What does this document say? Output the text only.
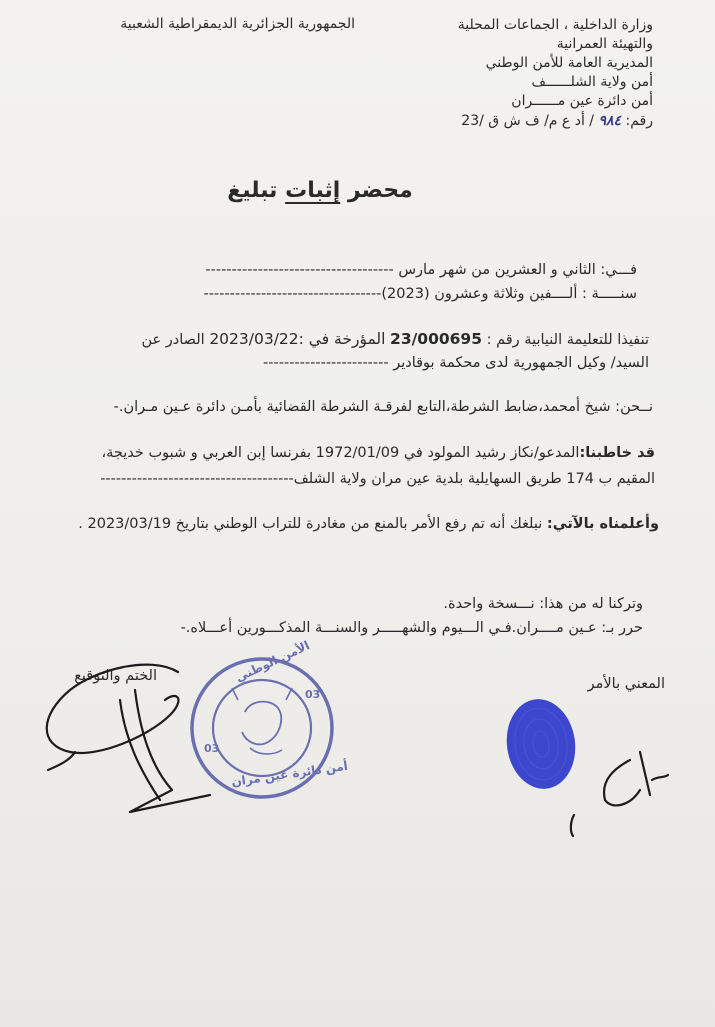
وزارة الداخلية ، الجماعات المحلية
والتهيئة العمرانية
المديرية العامة للأمن الوطني
أمن ولاية الشلــــــف
أمن دائرة عين مــــــران
رقم: ٩٨٤ / أد ع م/ ف ش ق /23
الجمهورية الجزائرية الديمقراطية الشعبية
محضر إثبات تبليغ
فـــي: الثاني و العشرين من شهر مارس ------------------------------------
سنـــــة : ألــــفين وثلاثة وعشرون (2023)----------------------------------
تنفيذا للتعليمة النيابية رقم : 23/000695 المؤرخة في :2023/03/22 الصادر عن
السيد/ وكيل الجمهورية لدى محكمة بوقادير ------------------------
نــحن: شيخ أمحمد،ضابط الشرطة،التابع لفرقـة الشرطة القضائية بأمـن دائرة عـين مـران.-
قد خاطبنا:المدعو/نكاز رشيد المولود في 1972/01/09 بفرنسا إبن العربي و شبوب خديجة،
المقيم ب 174 طريق السهايلية بلدية عين مران ولاية الشلف-------------------------------------
وأعلمناه بالآتي: نبلغك أنه تم رفع الأمر بالمنع من مغادرة للتراب الوطني بتاريخ 2023/03/19 .
وتركنا له من هذا: نـــسخة واحدة.
حرر بـ: عـين مــــران.فـي الـــيوم والشهـــــر والسنـــة المذكـــورين أعـــلاه.-
الختم والتوقيع	المعني بالأمر
الأمن الوطني
أمن دائرة عين مران
03
03
